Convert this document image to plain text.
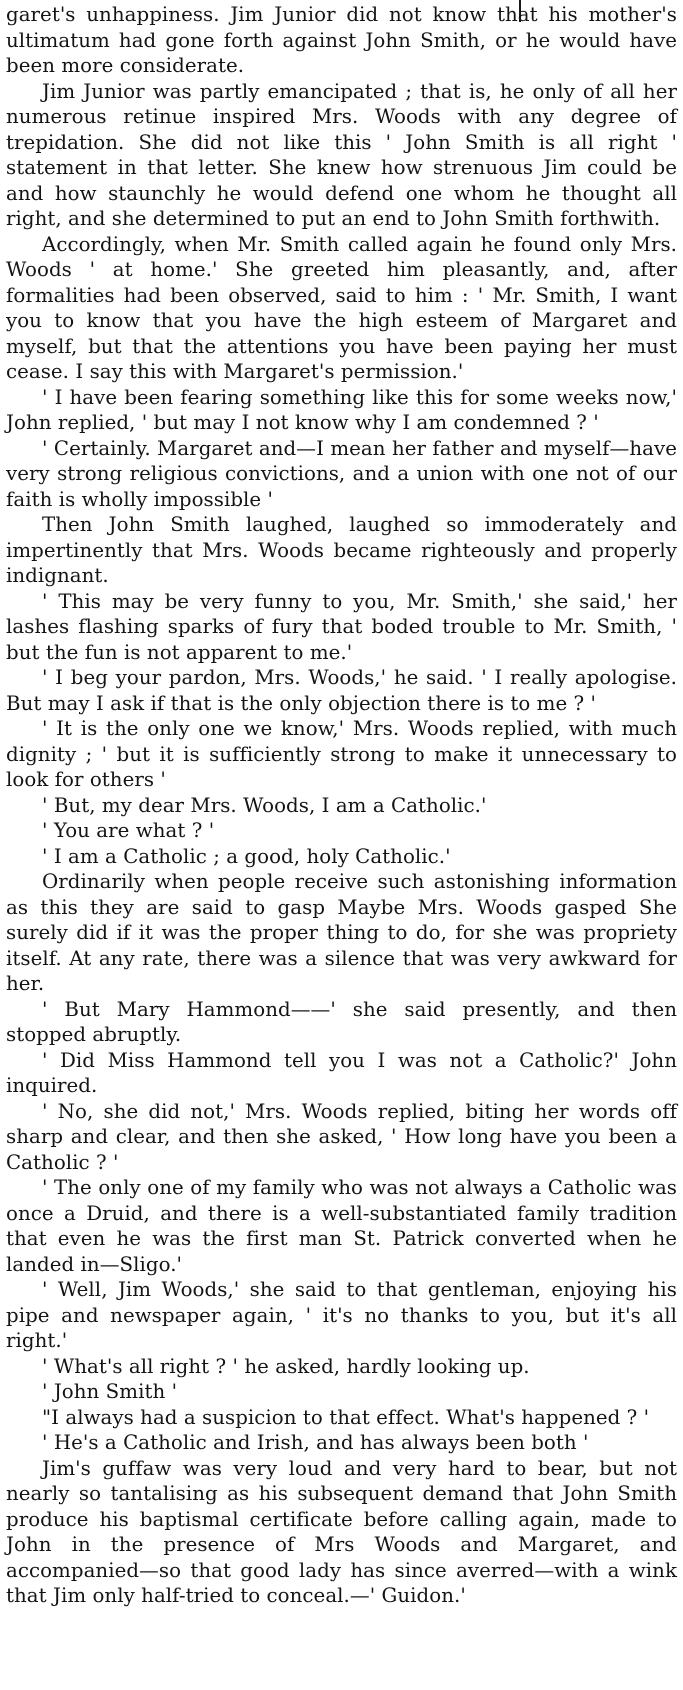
garet's unhappiness. Jim Junior did not know that his mother's ultimatum had gone forth against John Smith, or he would have been more considerate.

Jim Junior was partly emancipated ; that is, he only of all her numerous retinue inspired Mrs. Woods with any degree of trepidation. She did not like this ' John Smith is all right ' statement in that letter. She knew how strenuous Jim could be and how staunchly he would defend one whom he thought all right, and she determined to put an end to John Smith forthwith.

Accordingly, when Mr. Smith called again he found only Mrs. Woods ' at home.' She greeted him pleasantly, and, after formalities had been observed, said to him : ' Mr. Smith, I want you to know that you have the high esteem of Margaret and myself, but that the attentions you have been paying her must cease. I say this with Margaret's permission.'

' I have been fearing something like this for some weeks now,' John replied, ' but may I not know why I am condemned ? '

' Certainly. Margaret and—I mean her father and myself—have very strong religious convictions, and a union with one not of our faith is wholly impossible '

Then John Smith laughed, laughed so immoderately and impertinently that Mrs. Woods became righteously and properly indignant.

' This may be very funny to you, Mr. Smith,' she said,' her lashes flashing sparks of fury that boded trouble to Mr. Smith, ' but the fun is not apparent to me.'

' I beg your pardon, Mrs. Woods,' he said. ' I really apologise. But may I ask if that is the only objection there is to me ? '

' It is the only one we know,' Mrs. Woods replied, with much dignity ; ' but it is sufficiently strong to make it unnecessary to look for others '

' But, my dear Mrs. Woods, I am a Catholic.'

' You are what ? '

' I am a Catholic ; a good, holy Catholic.'

Ordinarily when people receive such astonishing information as this they are said to gasp Maybe Mrs. Woods gasped She surely did if it was the proper thing to do, for she was propriety itself. At any rate, there was a silence that was very awkward for her.

' But Mary Hammond——' she said presently, and then stopped abruptly.

' Did Miss Hammond tell you I was not a Catholic?' John inquired.

' No, she did not,' Mrs. Woods replied, biting her words off sharp and clear, and then she asked, ' How long have you been a Catholic ? '

' The only one of my family who was not always a Catholic was once a Druid, and there is a well-substantiated family tradition that even he was the first man St. Patrick converted when he landed in—Sligo.'

' Well, Jim Woods,' she said to that gentleman, enjoying his pipe and newspaper again, ' it's no thanks to you, but it's all right.'

' What's all right ? ' he asked, hardly looking up.

' John Smith '

"I always had a suspicion to that effect. What's happened ? '

' He's a Catholic and Irish, and has always been both '

Jim's guffaw was very loud and very hard to bear, but not nearly so tantalising as his subsequent demand that John Smith produce his baptismal certificate before calling again, made to John in the presence of Mrs Woods and Margaret, and accompanied—so that good lady has since averred—with a wink that Jim only half-tried to conceal.—' Guidon.'
